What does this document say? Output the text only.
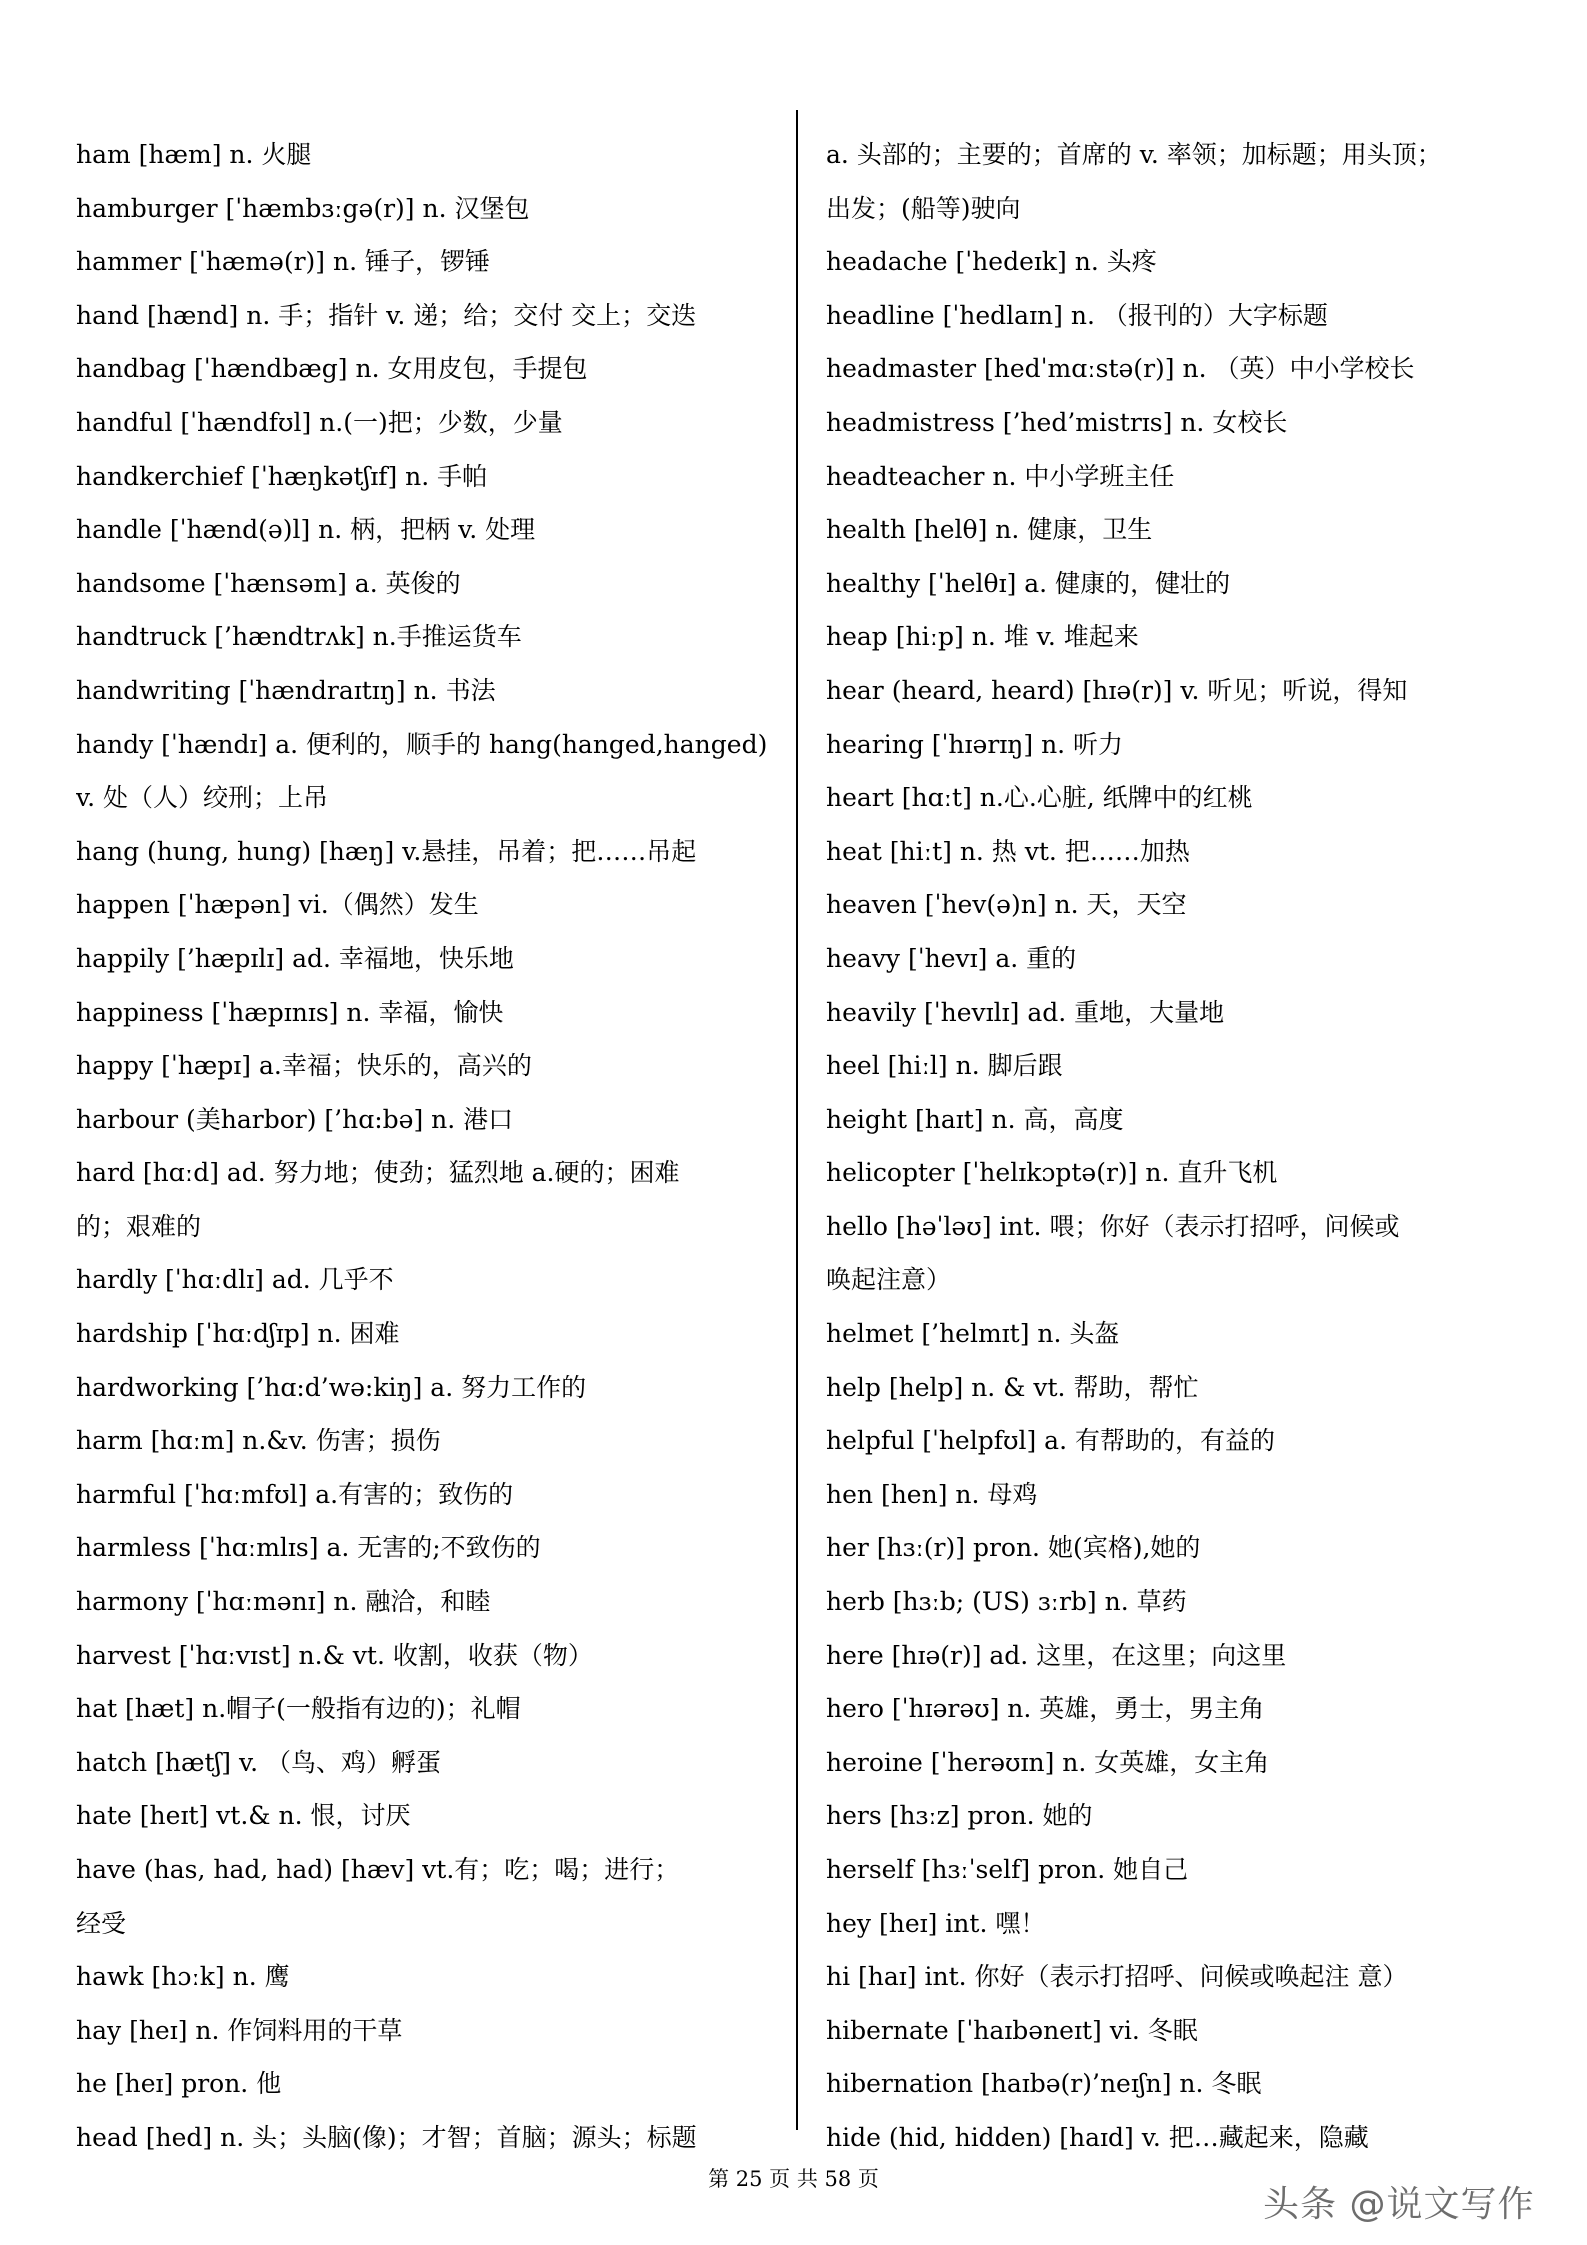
ham [hæm] n. 火腿
hamburger [ˈhæmbɜːgə(r)] n. 汉堡包
hammer [ˈhæmə(r)] n. 锤子，锣锤
hand [hænd] n. 手；指针 v. 递；给；交付 交上；交迭
handbag [ˈhændbæg] n. 女用皮包，手提包
handful [ˈhændfʊl] n.(一)把；少数，少量
handkerchief [ˈhæŋkətʃɪf] n. 手帕
handle [ˈhænd(ə)l] n. 柄，把柄 v. 处理
handsome [ˈhænsəm] a. 英俊的
handtruck [’hændtrʌk] n.手推运货车
handwriting [ˈhændraɪtɪŋ] n. 书法
handy [ˈhændɪ] a. 便利的，顺手的 hang(hanged,hanged)
v. 处（人）绞刑；上吊
hang (hung, hung) [hæŋ] v.悬挂，吊着；把……吊起
happen [ˈhæpən] vi.（偶然）发生
happily [’hæpɪlɪ] ad. 幸福地，快乐地
happiness [ˈhæpɪnɪs] n. 幸福，愉快
happy [ˈhæpɪ] a.幸福；快乐的，高兴的
harbour (美harbor) [’hɑ:bə] n. 港口
hard [hɑːd] ad. 努力地；使劲；猛烈地 a.硬的；困难
的；艰难的
hardly [ˈhɑːdlɪ] ad. 几乎不
hardship [ˈhɑːdʃɪp] n. 困难
hardworking [’hɑ:d’wə:kiŋ] a. 努力工作的
harm [hɑːm] n.&v. 伤害；损伤
harmful [ˈhɑːmfʊl] a.有害的；致伤的
harmless [ˈhɑːmlɪs] a. 无害的;不致伤的
harmony [ˈhɑːmənɪ] n. 融洽，和睦
harvest [ˈhɑːvɪst] n.& vt. 收割，收获（物）
hat [hæt] n.帽子(一般指有边的)；礼帽
hatch [hætʃ] v. （鸟、鸡）孵蛋
hate [heɪt] vt.& n. 恨，讨厌
have (has, had, had) [hæv] vt.有；吃；喝；进行；
经受
hawk [hɔːk] n. 鹰
hay [heɪ] n. 作饲料用的干草
he [heɪ] pron. 他
head [hed] n. 头；头脑(像)；才智；首脑；源头；标题
a. 头部的；主要的；首席的 v. 率领；加标题；用头顶；
出发；(船等)驶向
headache [ˈhedeɪk] n. 头疼
headline [ˈhedlaɪn] n. （报刊的）大字标题
headmaster [hedˈmɑːstə(r)] n. （英）中小学校长
headmistress [’hed’mistrɪs] n. 女校长
headteacher n. 中小学班主任
health [helθ] n. 健康，卫生
healthy [ˈhelθɪ] a. 健康的，健壮的
heap [hiːp] n. 堆 v. 堆起来
hear (heard, heard) [hɪə(r)] v. 听见；听说，得知
hearing [ˈhɪərɪŋ] n. 听力
heart [hɑːt] n.心.心脏, 纸牌中的红桃
heat [hiːt] n. 热 vt. 把……加热
heaven [ˈhev(ə)n] n. 天，天空
heavy [ˈhevɪ] a. 重的
heavily [ˈhevɪlɪ] ad. 重地，大量地
heel [hiːl] n. 脚后跟
height [haɪt] n. 高，高度
helicopter [ˈhelɪkɔptə(r)] n. 直升飞机
hello [həˈləʊ] int. 喂；你好（表示打招呼，问候或
唤起注意）
helmet [’helmɪt] n. 头盔
help [help] n. & vt. 帮助，帮忙
helpful [ˈhelpfʊl] a. 有帮助的，有益的
hen [hen] n. 母鸡
her [hɜː(r)] pron. 她(宾格),她的
herb [hɜːb; (US) ɜːrb] n. 草药
here [hɪə(r)] ad. 这里，在这里；向这里
hero [ˈhɪərəʊ] n. 英雄，勇士，男主角
heroine [ˈherəʊɪn] n. 女英雄，女主角
hers [hɜːz] pron. 她的
herself [hɜːˈself] pron. 她自己
hey [heɪ] int. 嘿！
hi [haɪ] int. 你好（表示打招呼、问候或唤起注 意）
hibernate [ˈhaɪbəneɪt] vi. 冬眠
hibernation [haɪbə(r)’neɪʃn] n. 冬眠
hide (hid, hidden) [haɪd] v. 把…藏起来，隐藏
第 25 页 共 58 页
头条 @说文写作
